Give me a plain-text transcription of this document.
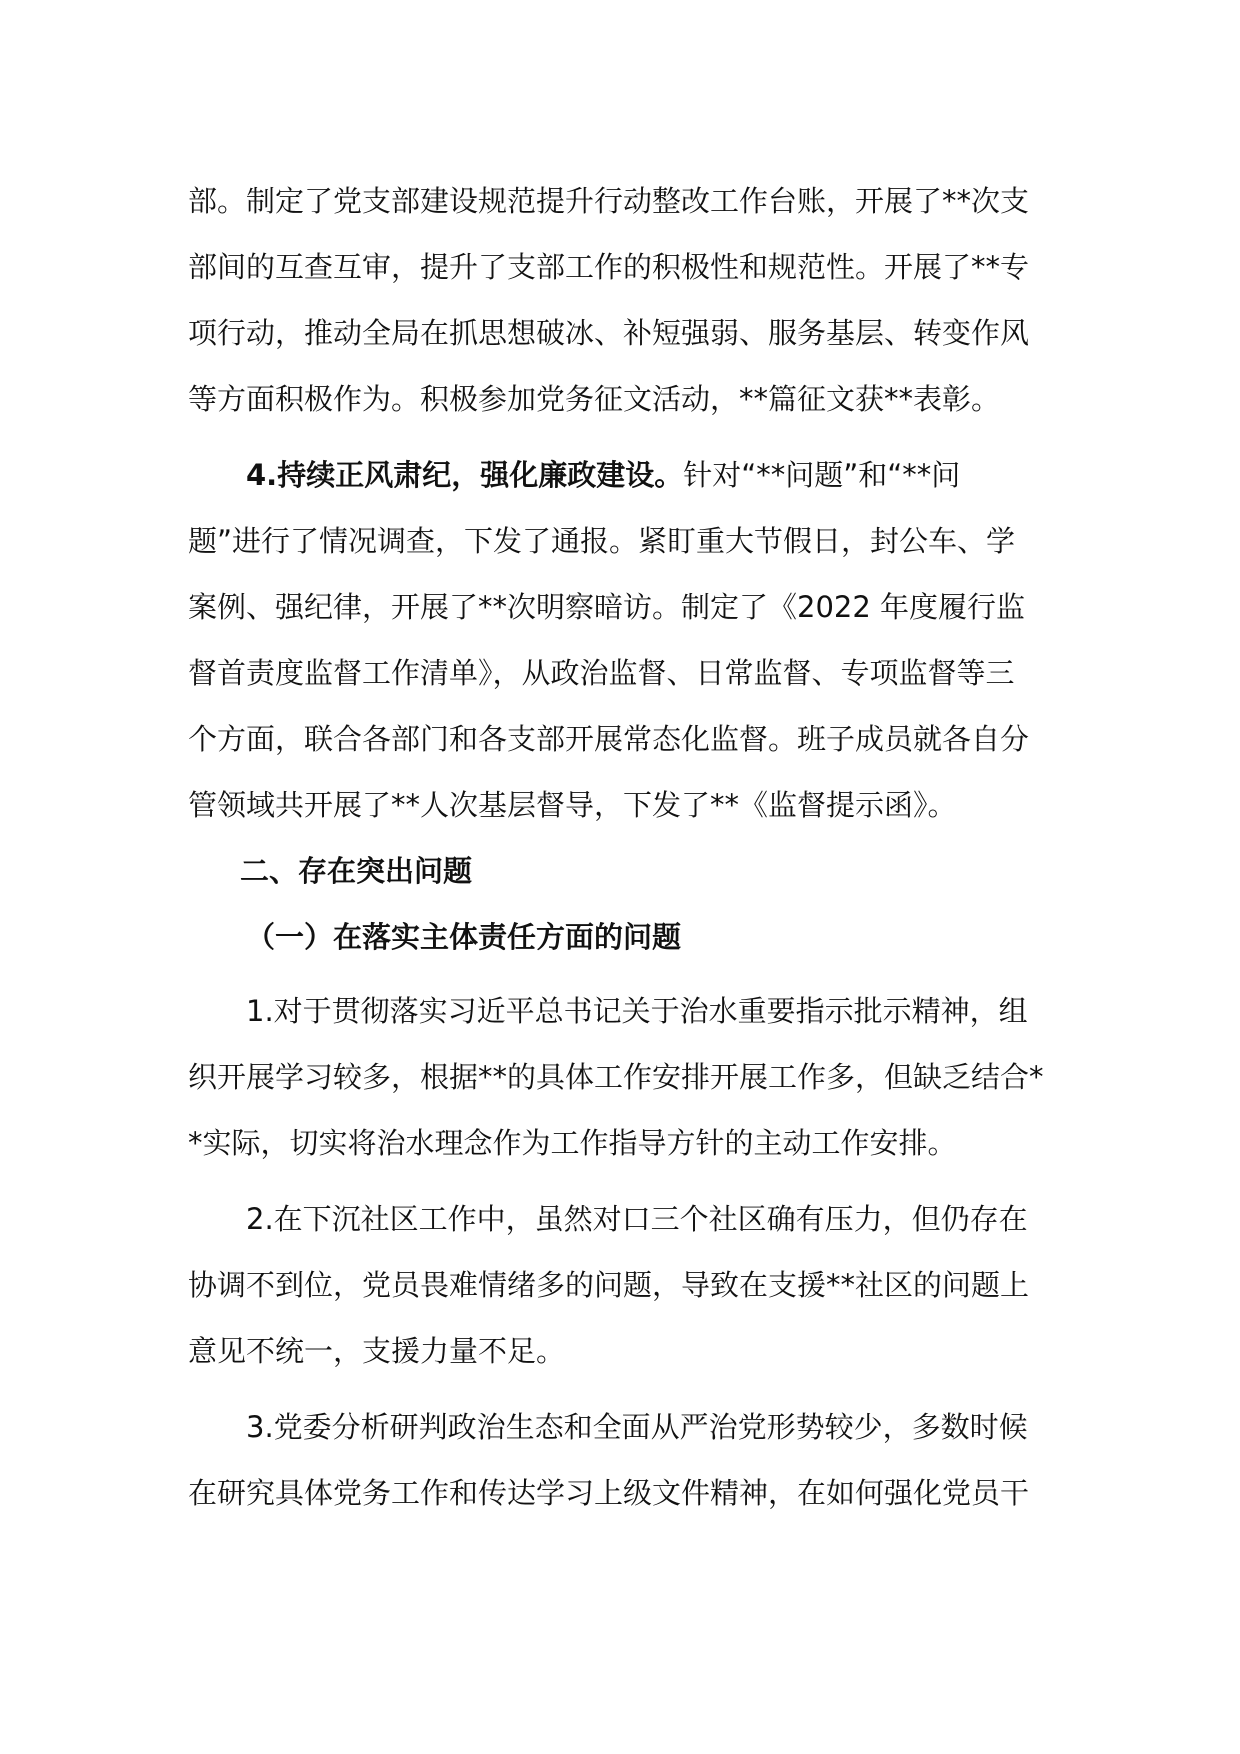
部。制定了党支部建设规范提升行动整改工作台账，开展了**次支
部间的互查互审，提升了支部工作的积极性和规范性。开展了**专
项行动，推动全局在抓思想破冰、补短强弱、服务基层、转变作风
等方面积极作为。积极参加党务征文活动，**篇征文获**表彰。

4.持续正风肃纪，强化廉政建设。针对“**问题”和“**问
题”进行了情况调查，下发了通报。紧盯重大节假日，封公车、学
案例、强纪律，开展了**次明察暗访。制定了《2022 年度履行监
督首责度监督工作清单》，从政治监督、日常监督、专项监督等三
个方面，联合各部门和各支部开展常态化监督。班子成员就各自分
管领域共开展了**人次基层督导，下发了**《监督提示函》。

二、存在突出问题
（一）在落实主体责任方面的问题

1.对于贯彻落实习近平总书记关于治水重要指示批示精神，组
织开展学习较多，根据**的具体工作安排开展工作多，但缺乏结合*
*实际，切实将治水理念作为工作指导方针的主动工作安排。

2.在下沉社区工作中，虽然对口三个社区确有压力，但仍存在
协调不到位，党员畏难情绪多的问题，导致在支援**社区的问题上
意见不统一，支援力量不足。

3.党委分析研判政治生态和全面从严治党形势较少，多数时候
在研究具体党务工作和传达学习上级文件精神，在如何强化党员干
